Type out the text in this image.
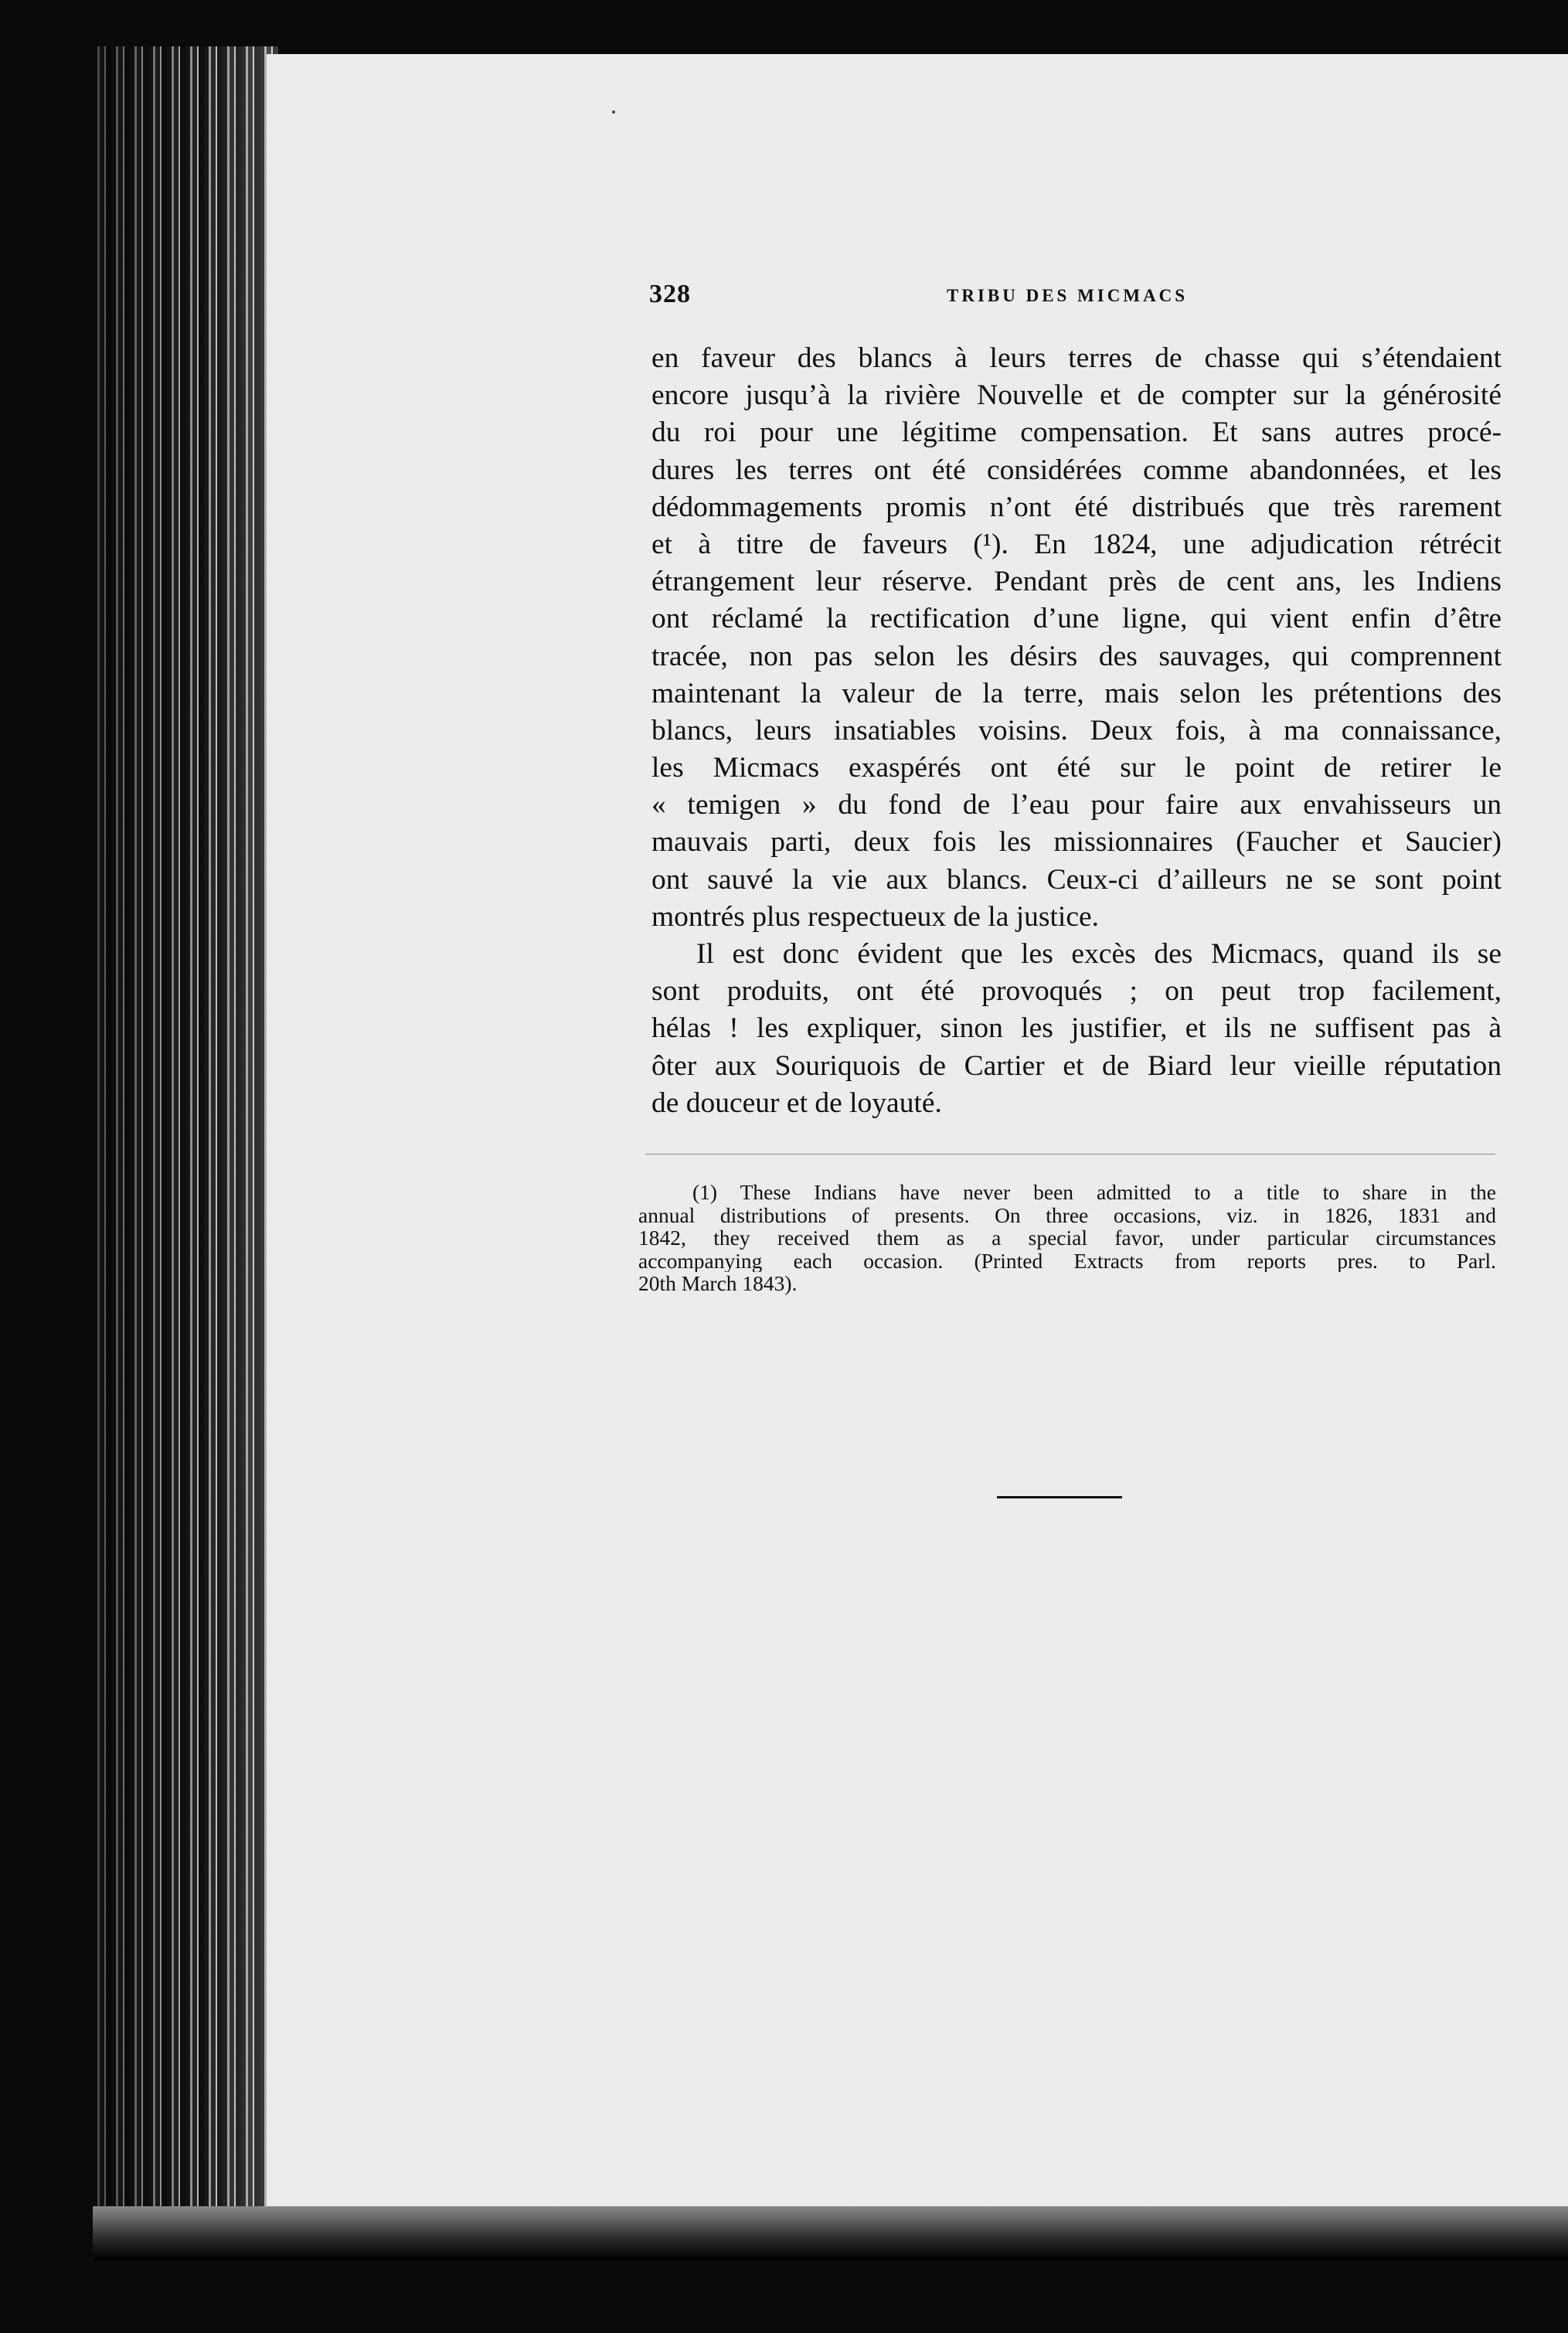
328	TRIBU DES MICMACS
en faveur des blancs à leurs terres de chasse qui s’étendaient
encore jusqu’à la rivière Nouvelle et de compter sur la générosité
du roi pour une légitime compensation. Et sans autres procé-
dures les terres ont été considérées comme abandonnées, et les
dédommagements promis n’ont été distribués que très rarement
et à titre de faveurs (¹). En 1824, une adjudication rétrécit
étrangement leur réserve. Pendant près de cent ans, les Indiens
ont réclamé la rectification d’une ligne, qui vient enfin d’être
tracée, non pas selon les désirs des sauvages, qui comprennent
maintenant la valeur de la terre, mais selon les prétentions des
blancs, leurs insatiables voisins. Deux fois, à ma connaissance,
les Micmacs exaspérés ont été sur le point de retirer le
« temigen » du fond de l’eau pour faire aux envahisseurs un
mauvais parti, deux fois les missionnaires (Faucher et Saucier)
ont sauvé la vie aux blancs. Ceux-ci d’ailleurs ne se sont point
montrés plus respectueux de la justice.
Il est donc évident que les excès des Micmacs, quand ils se
sont produits, ont été provoqués ; on peut trop facilement,
hélas ! les expliquer, sinon les justifier, et ils ne suffisent pas à
ôter aux Souriquois de Cartier et de Biard leur vieille réputation
de douceur et de loyauté.
(1) These Indians have never been admitted to a title to share in the
annual distributions of presents. On three occasions, viz. in 1826, 1831 and
1842, they received them as a special favor, under particular circumstances
accompanying each occasion. (Printed Extracts from reports pres. to Parl.
20th March 1843).
